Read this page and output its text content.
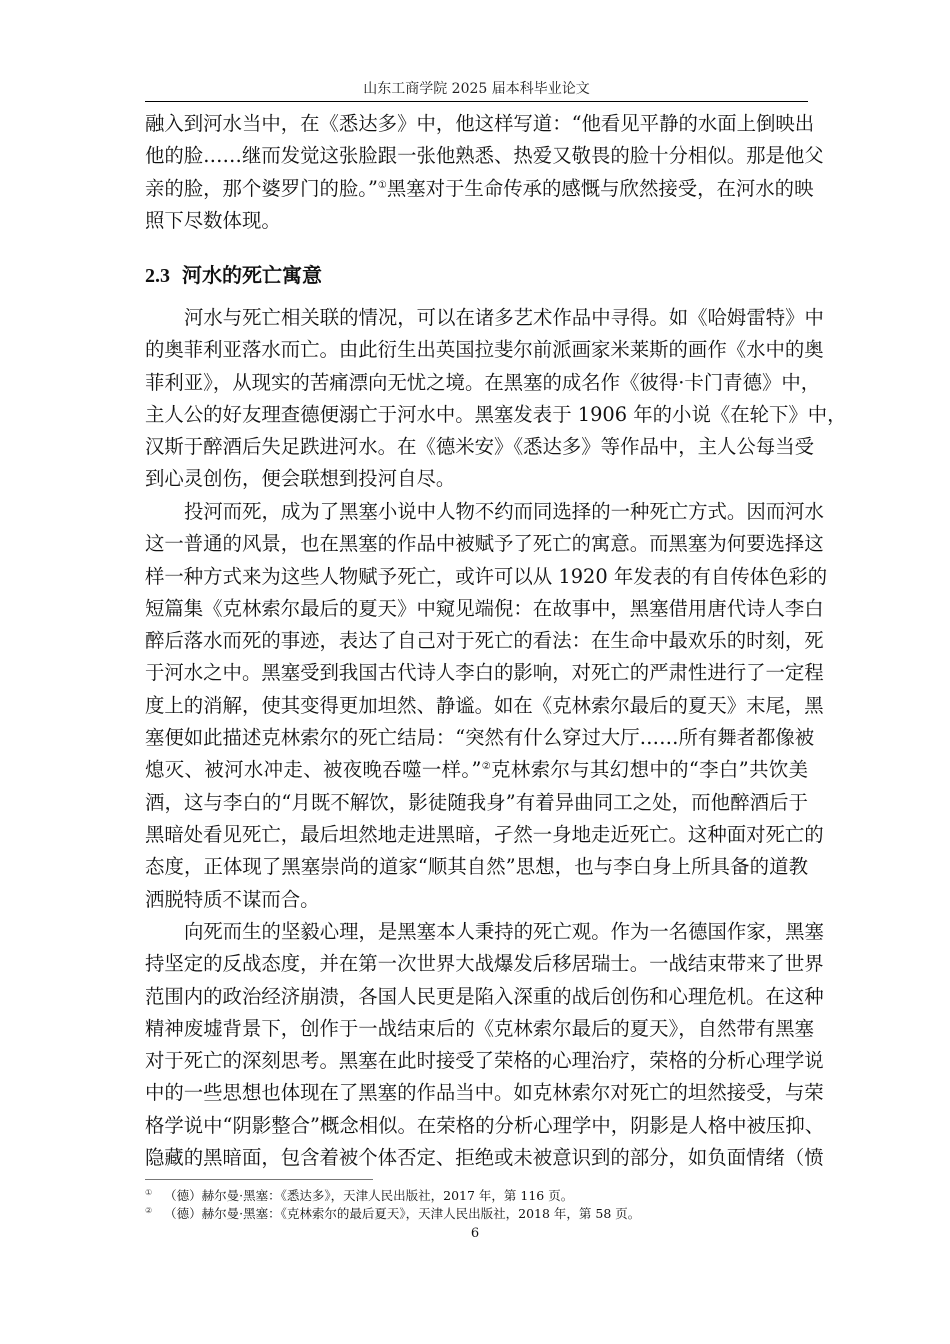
山东工商学院 2025 届本科毕业论文
融入到河水当中，在《悉达多》中，他这样写道：“他看见平静的水面上倒映出
他的脸……继而发觉这张脸跟一张他熟悉、热爱又敬畏的脸十分相似。那是他父
亲的脸，那个婆罗门的脸。”①黑塞对于生命传承的感慨与欣然接受，在河水的映
照下尽数体现。
2.3 河水的死亡寓意
河水与死亡相关联的情况，可以在诸多艺术作品中寻得。如《哈姆雷特》中
的奥菲利亚落水而亡。由此衍生出英国拉斐尔前派画家米莱斯的画作《水中的奥
菲利亚》，从现实的苦痛漂向无忧之境。在黑塞的成名作《彼得·卡门青德》中，
主人公的好友理查德便溺亡于河水中。黑塞发表于 1906 年的小说《在轮下》中，
汉斯于醉酒后失足跌进河水。在《德米安》《悉达多》等作品中，主人公每当受
到心灵创伤，便会联想到投河自尽。
投河而死，成为了黑塞小说中人物不约而同选择的一种死亡方式。因而河水
这一普通的风景，也在黑塞的作品中被赋予了死亡的寓意。而黑塞为何要选择这
样一种方式来为这些人物赋予死亡，或许可以从 1920 年发表的有自传体色彩的
短篇集《克林索尔最后的夏天》中窥见端倪：在故事中，黑塞借用唐代诗人李白
醉后落水而死的事迹，表达了自己对于死亡的看法：在生命中最欢乐的时刻，死
于河水之中。黑塞受到我国古代诗人李白的影响，对死亡的严肃性进行了一定程
度上的消解，使其变得更加坦然、静谧。如在《克林索尔最后的夏天》末尾，黑
塞便如此描述克林索尔的死亡结局：“突然有什么穿过大厅……所有舞者都像被
熄灭、被河水冲走、被夜晚吞噬一样。”②克林索尔与其幻想中的“李白”共饮美
酒，这与李白的“月既不解饮，影徒随我身”有着异曲同工之处，而他醉酒后于
黑暗处看见死亡，最后坦然地走进黑暗，孑然一身地走近死亡。这种面对死亡的
态度，正体现了黑塞崇尚的道家“顺其自然”思想，也与李白身上所具备的道教
洒脱特质不谋而合。
向死而生的坚毅心理，是黑塞本人秉持的死亡观。作为一名德国作家，黑塞
持坚定的反战态度，并在第一次世界大战爆发后移居瑞士。一战结束带来了世界
范围内的政治经济崩溃，各国人民更是陷入深重的战后创伤和心理危机。在这种
精神废墟背景下，创作于一战结束后的《克林索尔最后的夏天》，自然带有黑塞
对于死亡的深刻思考。黑塞在此时接受了荣格的心理治疗，荣格的分析心理学说
中的一些思想也体现在了黑塞的作品当中。如克林索尔对死亡的坦然接受，与荣
格学说中“阴影整合”概念相似。在荣格的分析心理学中，阴影是人格中被压抑、
隐藏的黑暗面，包含着被个体否定、拒绝或未被意识到的部分，如负面情绪（愤
① （德）赫尔曼·黑塞：《悉达多》，天津人民出版社，2017 年，第 116 页。
② （德）赫尔曼·黑塞：《克林索尔的最后夏天》，天津人民出版社，2018 年，第 58 页。
6
